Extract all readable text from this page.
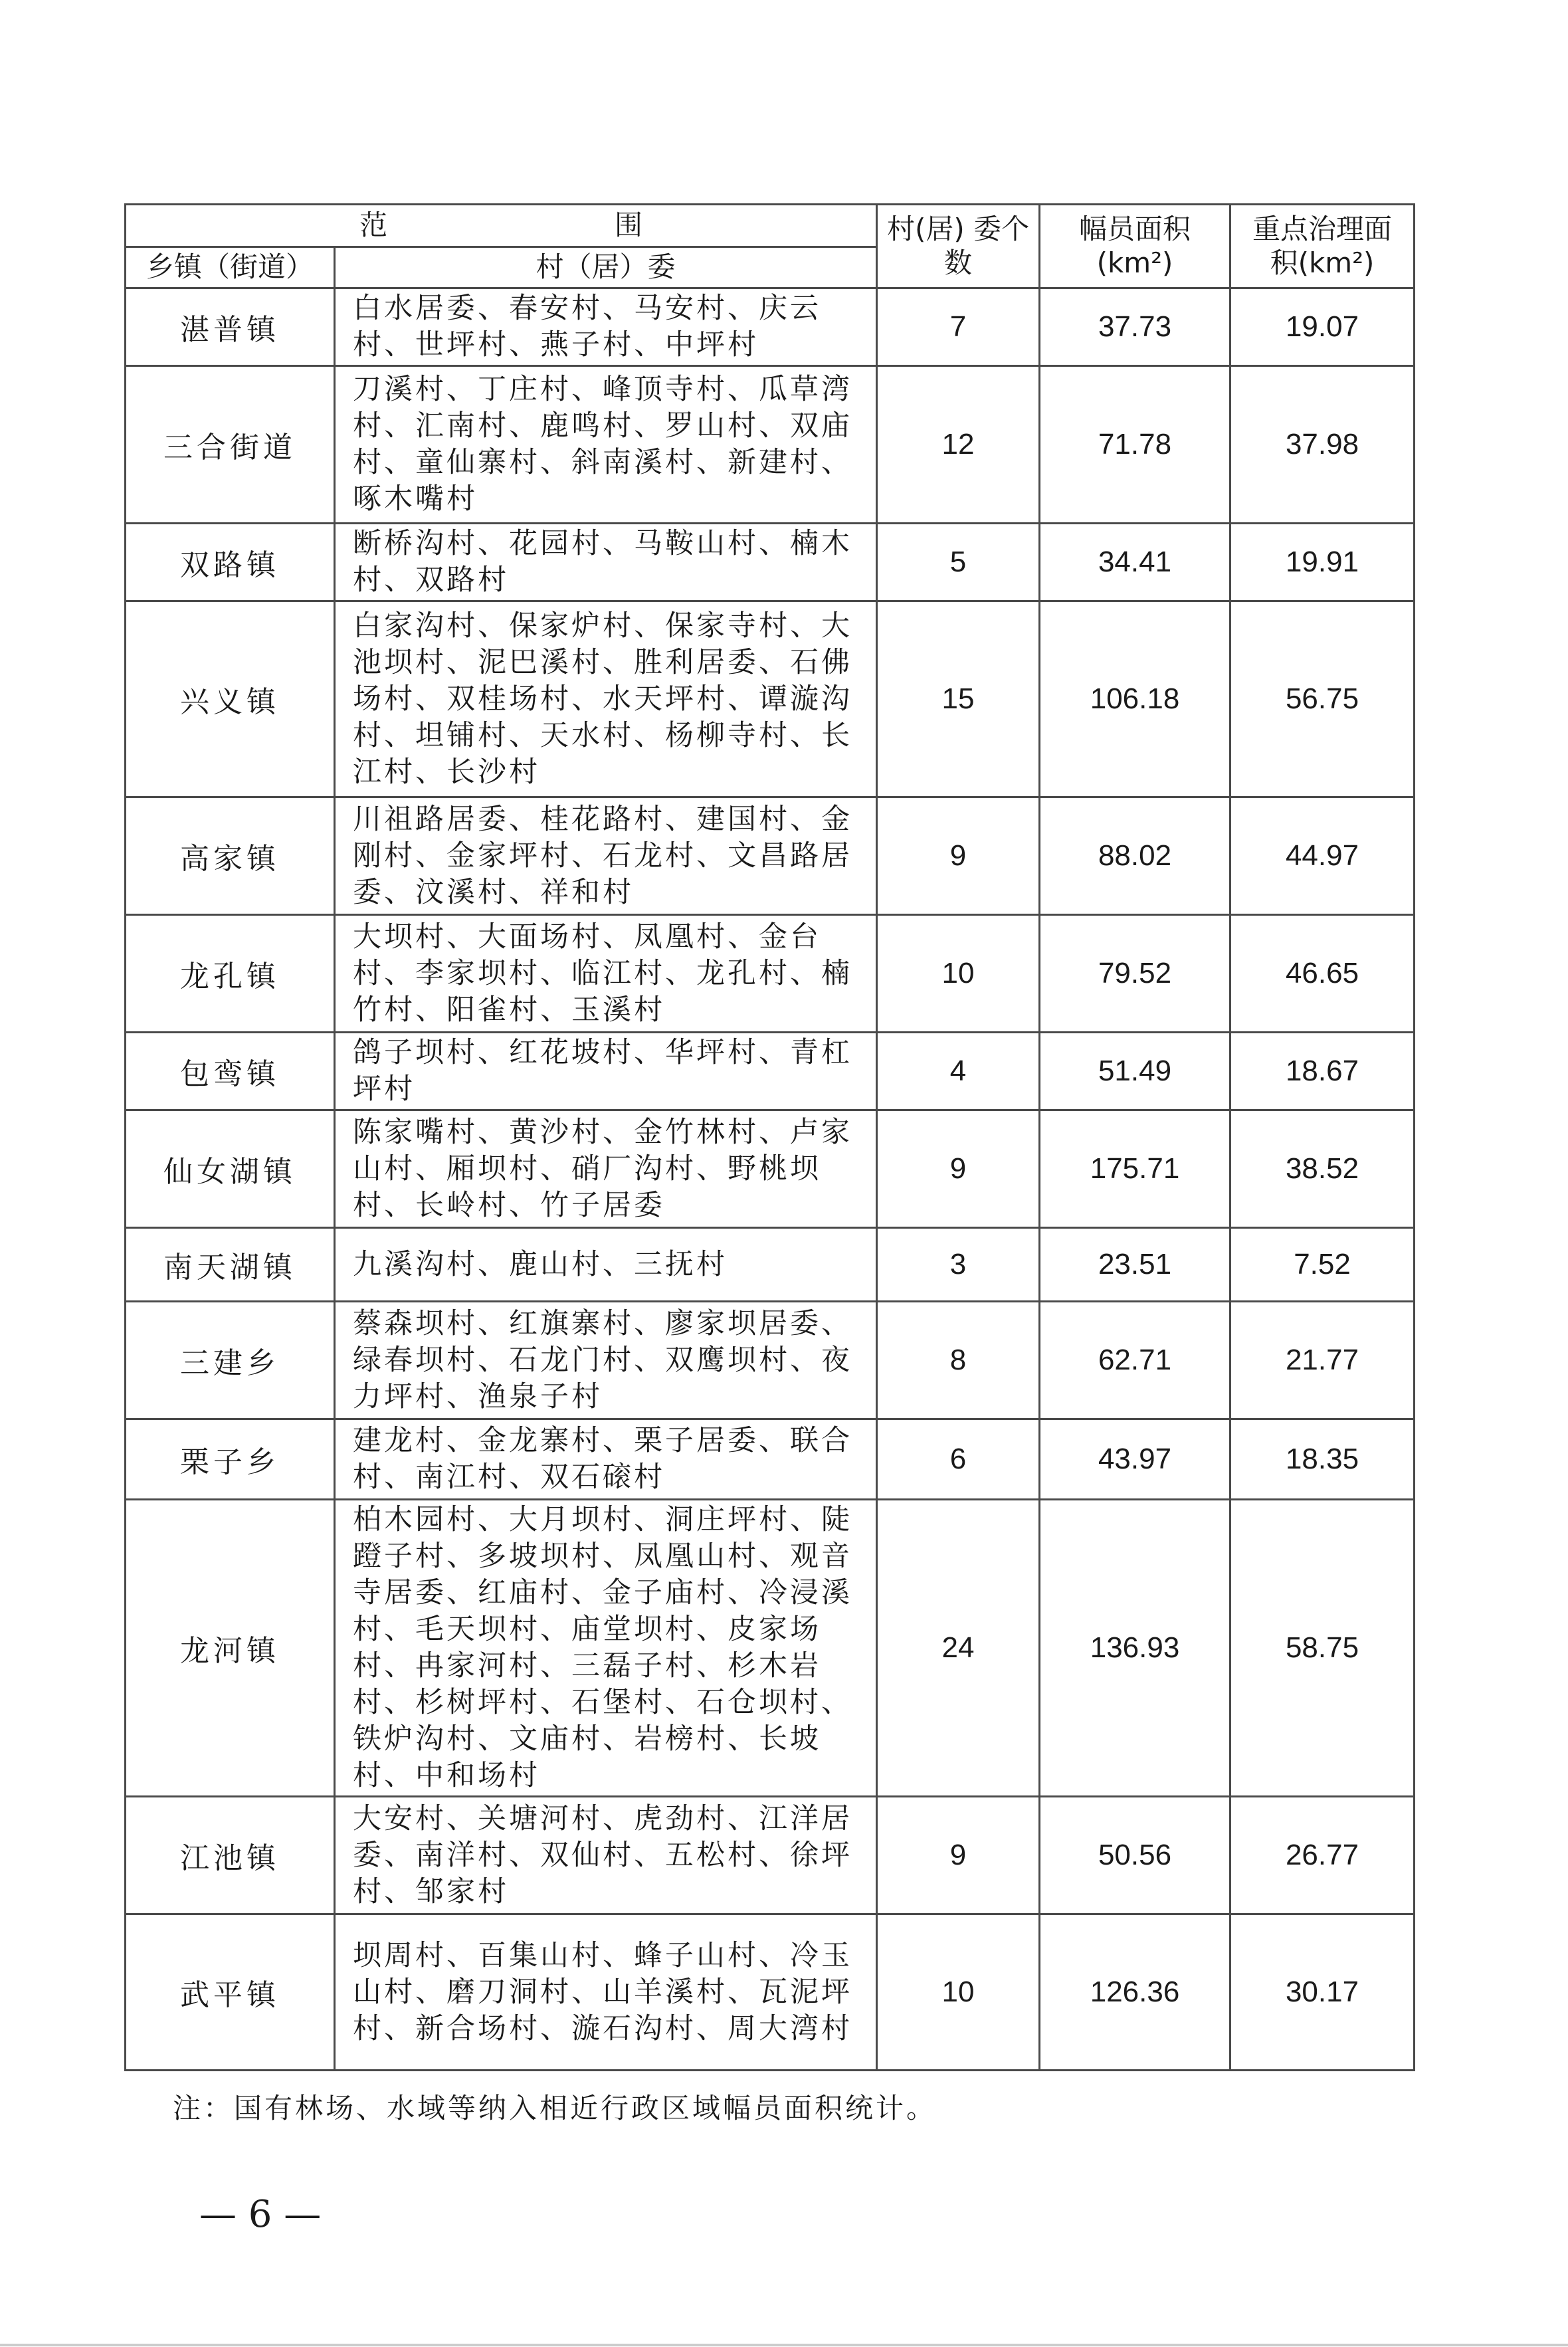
范　围		村(居) 委个数	幅员面积(km²)	重点治理面积(km²)
乡镇（街道）	村（居）委			
湛普镇	白水居委、春安村、马安村、庆云村、世坪村、燕子村、中坪村	7	37.73	19.07
三合街道	刀溪村、丁庄村、峰顶寺村、瓜草湾村、汇南村、鹿鸣村、罗山村、双庙村、童仙寨村、斜南溪村、新建村、啄木嘴村	12	71.78	37.98
双路镇	断桥沟村、花园村、马鞍山村、楠木村、双路村	5	34.41	19.91
兴义镇	白家沟村、保家炉村、保家寺村、大池坝村、泥巴溪村、胜利居委、石佛场村、双桂场村、水天坪村、谭漩沟村、坦铺村、天水村、杨柳寺村、长江村、长沙村	15	106.18	56.75
高家镇	川祖路居委、桂花路村、建国村、金刚村、金家坪村、石龙村、文昌路居委、汶溪村、祥和村	9	88.02	44.97
龙孔镇	大坝村、大面场村、凤凰村、金台村、李家坝村、临江村、龙孔村、楠竹村、阳雀村、玉溪村	10	79.52	46.65
包鸾镇	鸽子坝村、红花坡村、华坪村、青杠坪村	4	51.49	18.67
仙女湖镇	陈家嘴村、黄沙村、金竹林村、卢家山村、厢坝村、硝厂沟村、野桃坝村、长岭村、竹子居委	9	175.71	38.52
南天湖镇	九溪沟村、鹿山村、三抚村	3	23.51	7.52
三建乡	蔡森坝村、红旗寨村、廖家坝居委、绿春坝村、石龙门村、双鹰坝村、夜力坪村、渔泉子村	8	62.71	21.77
栗子乡	建龙村、金龙寨村、栗子居委、联合村、南江村、双石磙村	6	43.97	18.35
龙河镇	柏木园村、大月坝村、洞庄坪村、陡蹬子村、多坡坝村、凤凰山村、观音寺居委、红庙村、金子庙村、冷浸溪村、毛天坝村、庙堂坝村、皮家场村、冉家河村、三磊子村、杉木岩村、杉树坪村、石堡村、石仓坝村、铁炉沟村、文庙村、岩榜村、长坡村、中和场村	24	136.93	58.75
江池镇	大安村、关塘河村、虎劲村、江洋居委、南洋村、双仙村、五松村、徐坪村、邹家村	9	50.56	26.77
武平镇	坝周村、百集山村、蜂子山村、冷玉山村、磨刀洞村、山羊溪村、瓦泥坪村、新合场村、漩石沟村、周大湾村	10	126.36	30.17
注：国有林场、水域等纳入相近行政区域幅员面积统计。
— 6 —
